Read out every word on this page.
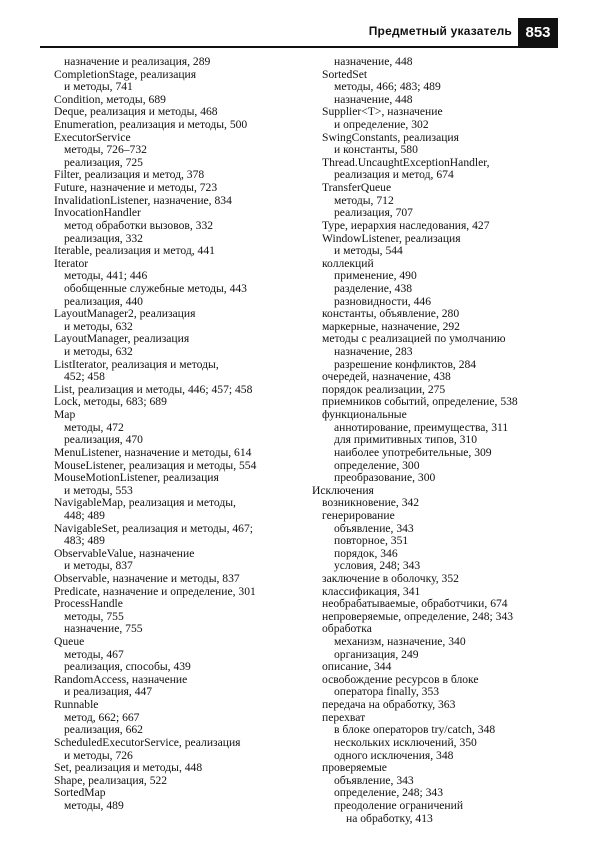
Предметный указатель 853
назначение и реализация, 289
CompletionStage, реализация
и методы, 741
Condition, методы, 689
Deque, реализация и методы, 468
Enumeration, реализация и методы, 500
ExecutorService
методы, 726–732
реализация, 725
Filter, реализация и метод, 378
Future, назначение и методы, 723
InvalidationListener, назначение, 834
InvocationHandler
метод обработки вызовов, 332
реализация, 332
Iterable, реализация и метод, 441
Iterator
методы, 441; 446
обобщенные служебные методы, 443
реализация, 440
LayoutManager2, реализация
и методы, 632
LayoutManager, реализация
и методы, 632
ListIterator, реализация и методы,
452; 458
List, реализация и методы, 446; 457; 458
Lock, методы, 683; 689
Map
методы, 472
реализация, 470
MenuListener, назначение и методы, 614
MouseListener, реализация и методы, 554
MouseMotionListener, реализация
и методы, 553
NavigableMap, реализация и методы,
448; 489
NavigableSet, реализация и методы, 467;
483; 489
ObservableValue, назначение
и методы, 837
Observable, назначение и методы, 837
Predicate, назначение и определение, 301
ProcessHandle
методы, 755
назначение, 755
Queue
методы, 467
реализация, способы, 439
RandomAccess, назначение
и реализация, 447
Runnable
метод, 662; 667
реализация, 662
ScheduledExecutorService, реализация
и методы, 726
Set, реализация и методы, 448
Shape, реализация, 522
SortedMap
методы, 489
назначение, 448
SortedSet
методы, 466; 483; 489
назначение, 448
Supplier<T>, назначение
и определение, 302
SwingConstants, реализация
и константы, 580
Thread.UncaughtExceptionHandler,
реализация и метод, 674
TransferQueue
методы, 712
реализация, 707
Type, иерархия наследования, 427
WindowListener, реализация
и методы, 544
коллекций
применение, 490
разделение, 438
разновидности, 446
константы, объявление, 280
маркерные, назначение, 292
методы с реализацией по умолчанию
назначение, 283
разрешение конфликтов, 284
очередей, назначение, 438
порядок реализации, 275
приемников событий, определение, 538
функциональные
аннотирование, преимущества, 311
для примитивных типов, 310
наиболее употребительные, 309
определение, 300
преобразование, 300
Исключения
возникновение, 342
генерирование
объявление, 343
повторное, 351
порядок, 346
условия, 248; 343
заключение в оболочку, 352
классификация, 341
необрабатываемые, обработчики, 674
непроверяемые, определение, 248; 343
обработка
механизм, назначение, 340
организация, 249
описание, 344
освобождение ресурсов в блоке
оператора finally, 353
передача на обработку, 363
перехват
в блоке операторов try/catch, 348
нескольких исключений, 350
одного исключения, 348
проверяемые
объявление, 343
определение, 248; 343
преодоление ограничений
на обработку, 413
